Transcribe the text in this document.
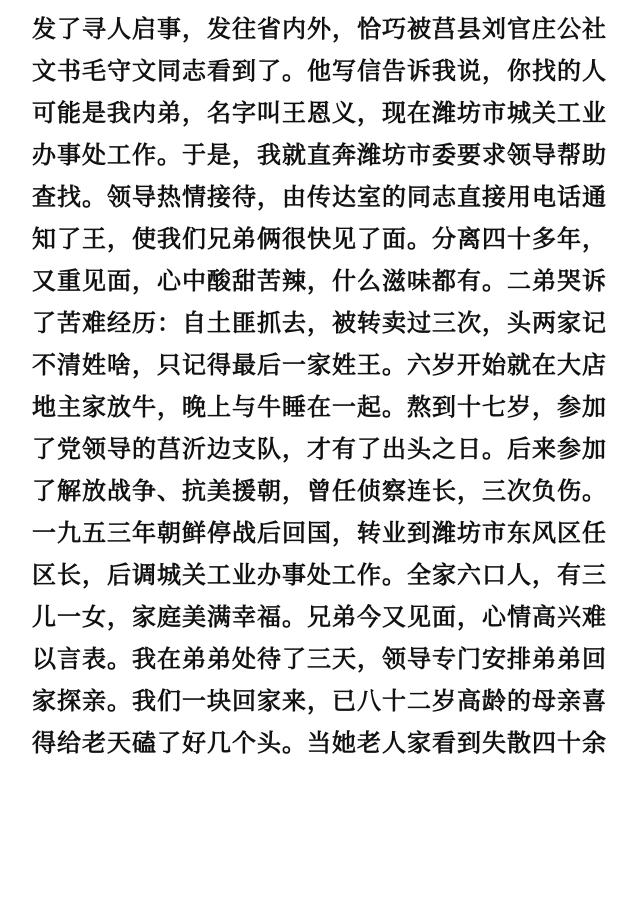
发了寻人启事，发往省内外，恰巧被莒县刘官庄公社
文书毛守文同志看到了。他写信告诉我说，你找的人
可能是我内弟，名字叫王恩义，现在潍坊市城关工业
办事处工作。于是，我就直奔潍坊市委要求领导帮助
查找。领导热情接待，由传达室的同志直接用电话通
知了王，使我们兄弟俩很快见了面。分离四十多年，
又重见面，心中酸甜苦辣，什么滋味都有。二弟哭诉
了苦难经历：自土匪抓去，被转卖过三次，头两家记
不清姓啥，只记得最后一家姓王。六岁开始就在大店
地主家放牛，晚上与牛睡在一起。熬到十七岁，参加
了党领导的莒沂边支队，才有了出头之日。后来参加
了解放战争、抗美援朝，曾任侦察连长，三次负伤。
一九五三年朝鲜停战后回国，转业到潍坊市东风区任
区长，后调城关工业办事处工作。全家六口人，有三
儿一女，家庭美满幸福。兄弟今又见面，心情高兴难
以言表。我在弟弟处待了三天，领导专门安排弟弟回
家探亲。我们一块回家来，已八十二岁高龄的母亲喜
得给老天磕了好几个头。当她老人家看到失散四十余
